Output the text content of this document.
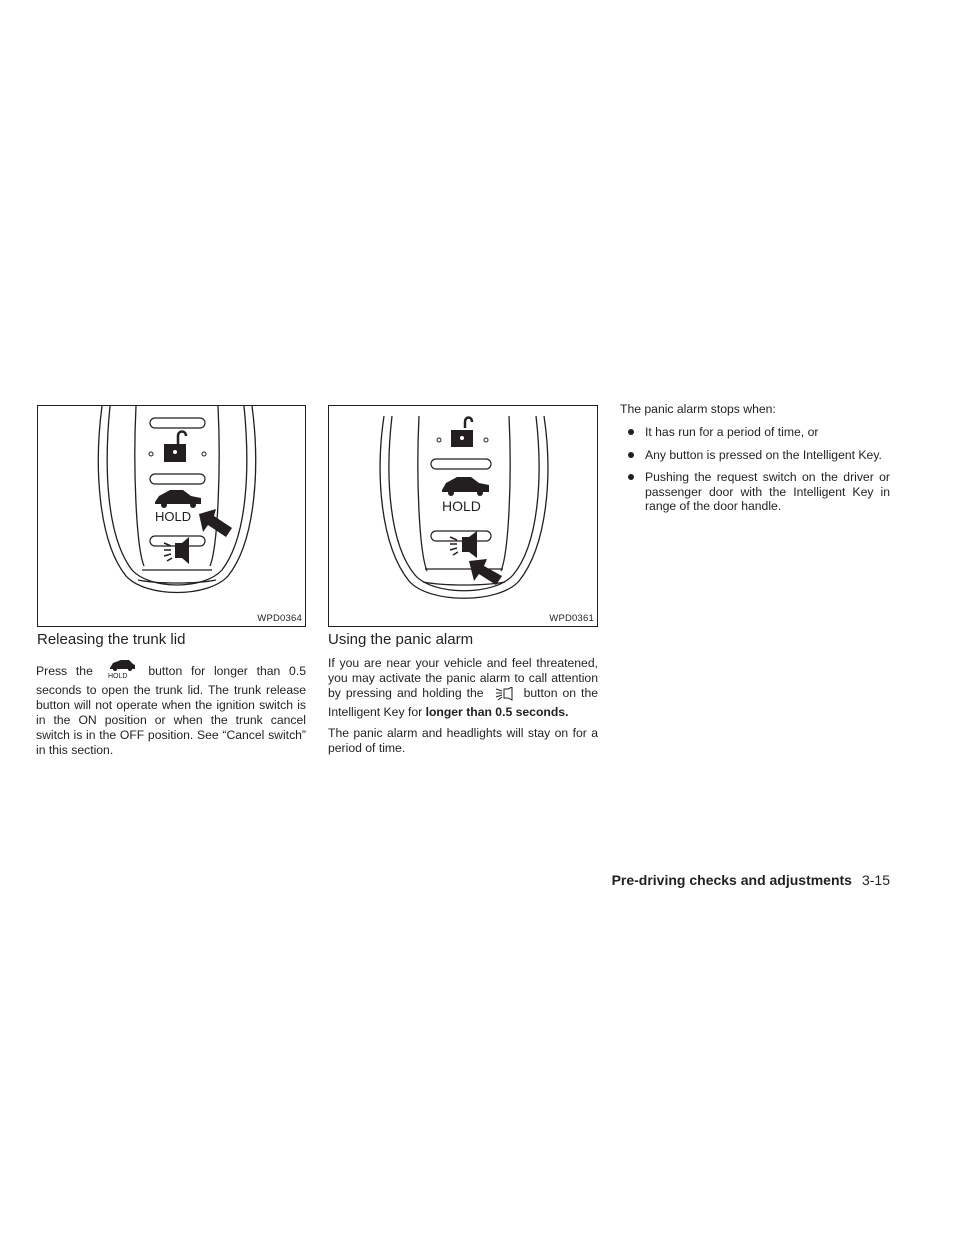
HOLD
WPD0364
HOLD
WPD0361
Releasing the trunk lid

Press the HOLD button for longer than 0.5 seconds to open the trunk lid. The trunk release button will not operate when the ignition switch is in the ON position or when the trunk cancel switch is in the OFF position. See “Cancel switch” in this section.

Using the panic alarm

If you are near your vehicle and feel threatened, you may activate the panic alarm to call attention by pressing and holding the	button on the Intelligent Key for longer than 0.5 seconds.

The panic alarm and headlights will stay on for a period of time.

The panic alarm stops when:

It has run for a period of time, or
Any button is pressed on the Intelligent Key.
Pushing the request switch on the driver or passenger door with the Intelligent Key in range of the door handle.
Pre-driving checks and adjustments 3-15
